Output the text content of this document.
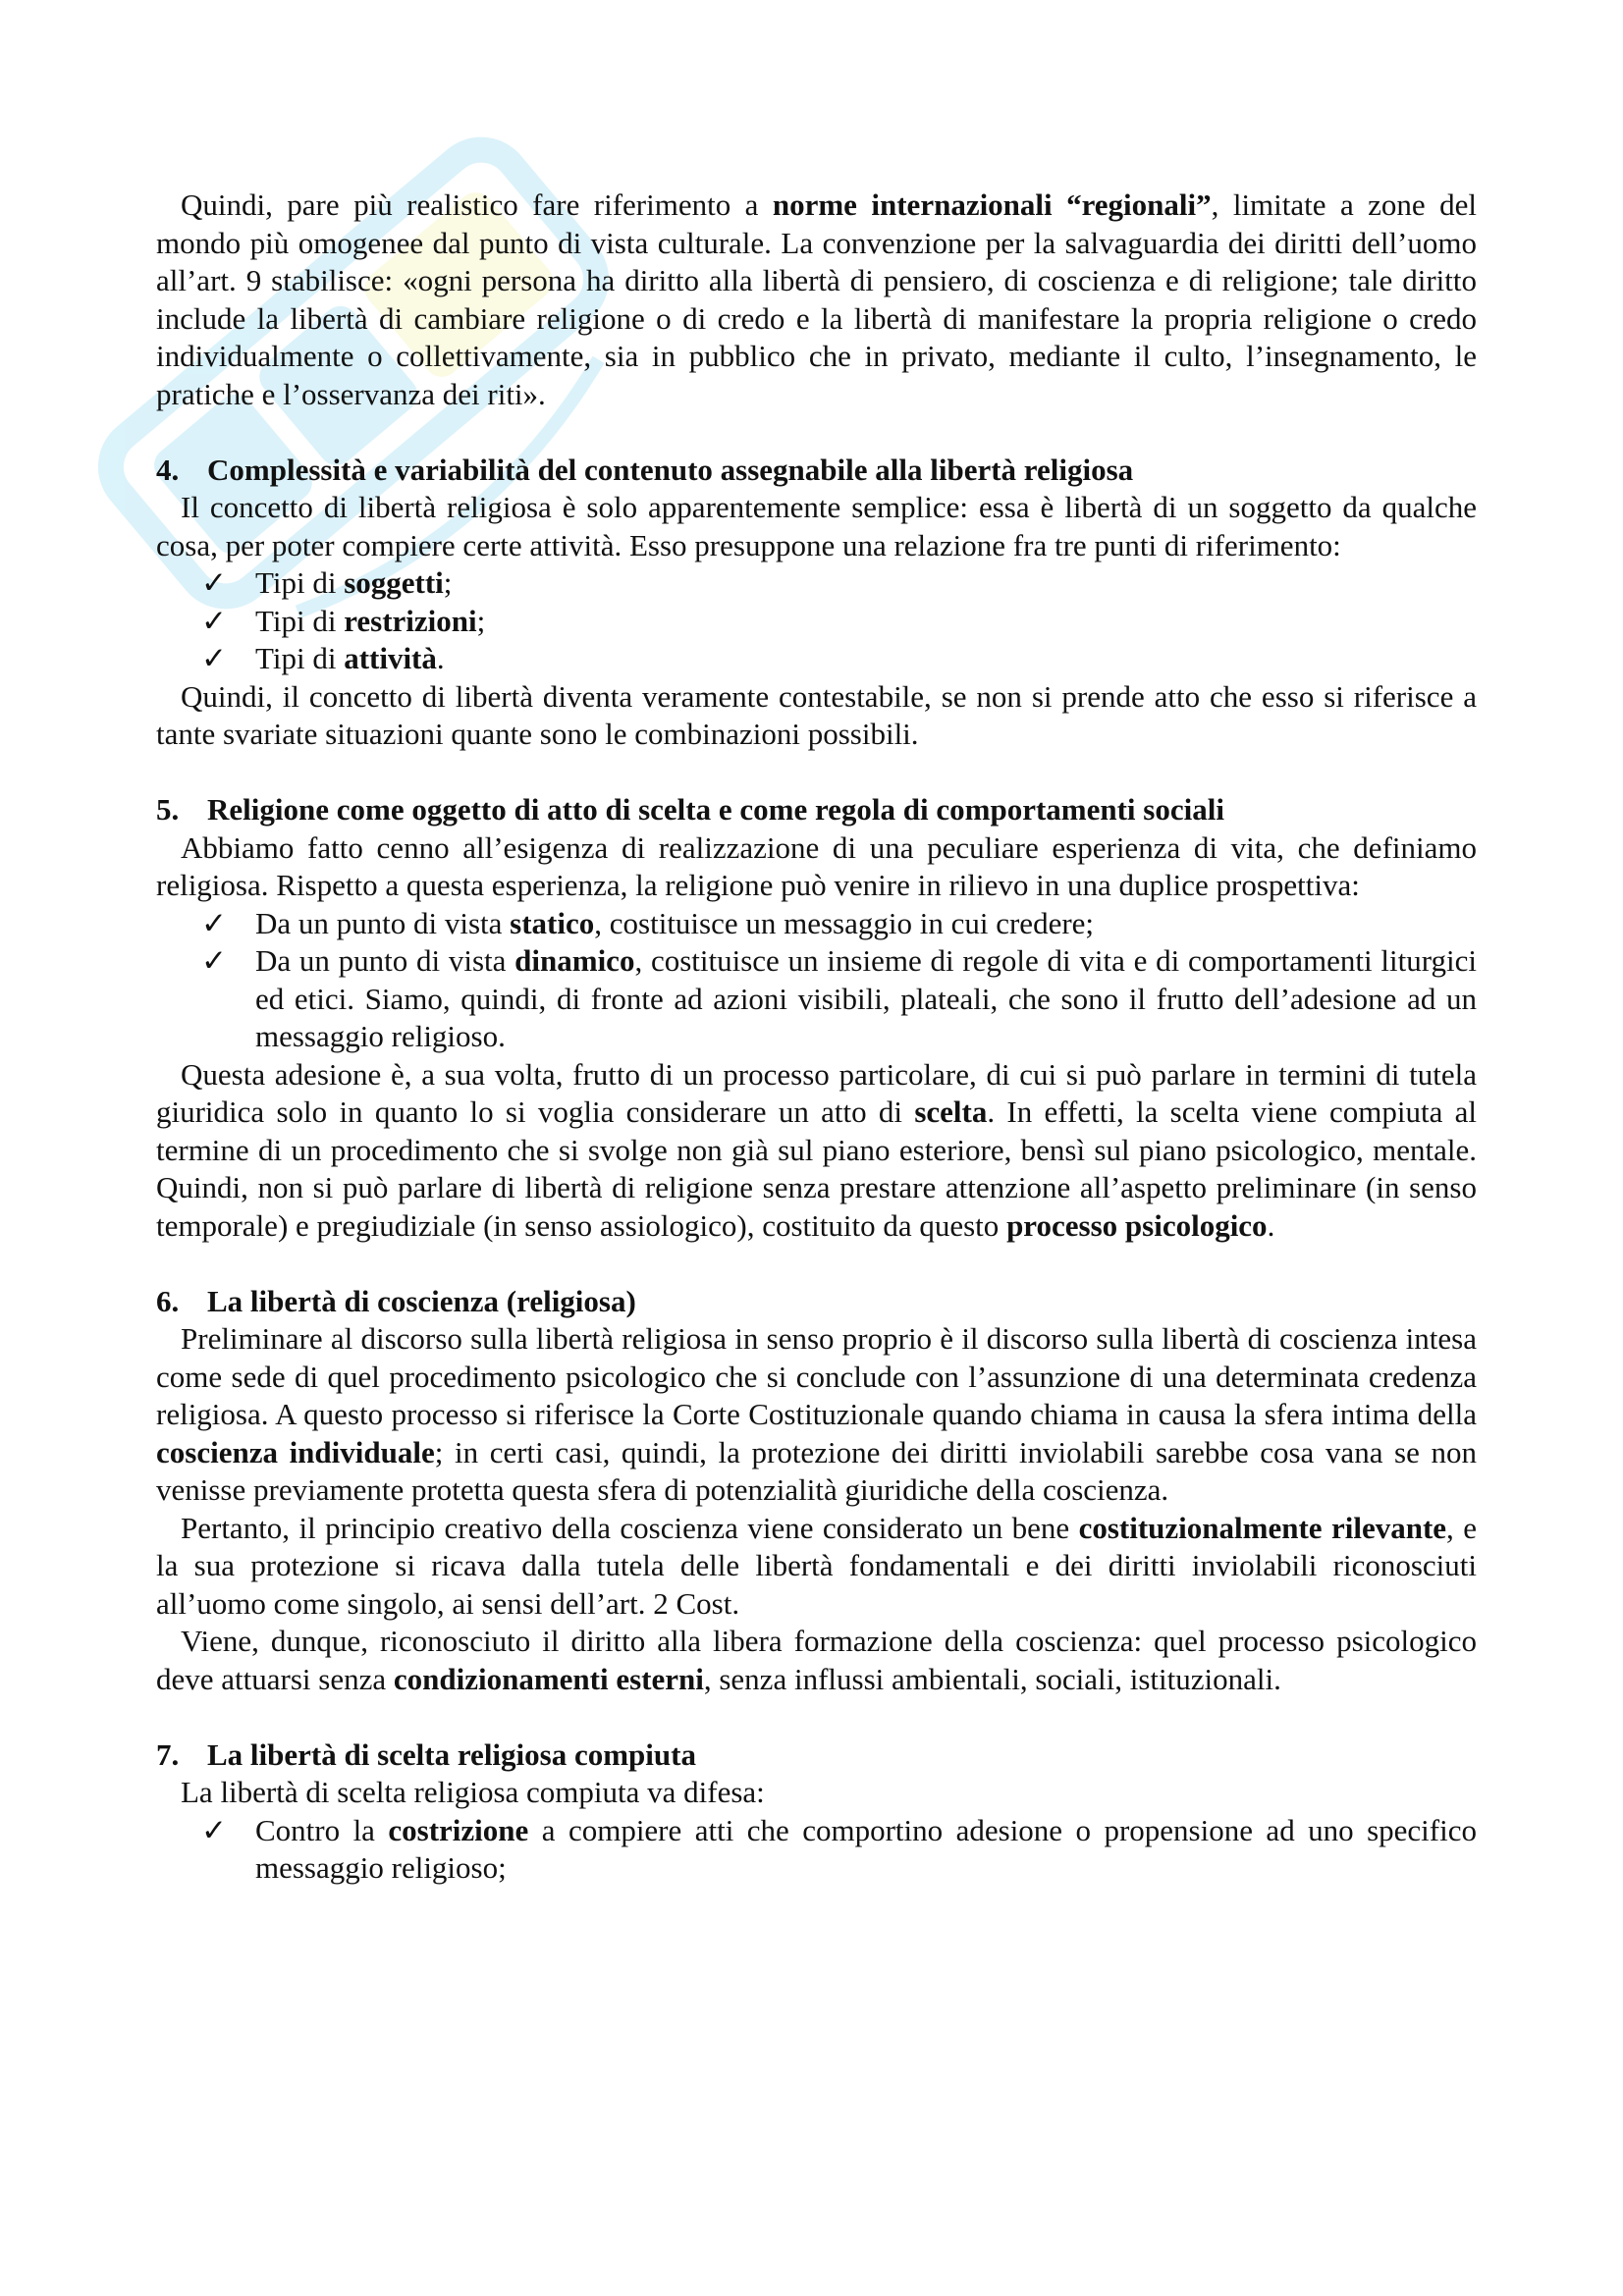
Quindi, pare più realistico fare riferimento a norme internazionali “regionali”, limitate a zone del mondo più omogenee dal punto di vista culturale. La convenzione per la salvaguardia dei diritti dell’uomo all’art. 9 stabilisce: «ogni persona ha diritto alla libertà di pensiero, di coscienza e di religione; tale diritto include la libertà di cambiare religione o di credo e la libertà di manifestare la propria religione o credo individualmente o collettivamente, sia in pubblico che in privato, mediante il culto, l’insegnamento, le pratiche e l’osservanza dei riti».

4. Complessità e variabilità del contenuto assegnabile alla libertà religiosa

Il concetto di libertà religiosa è solo apparentemente semplice: essa è libertà di un soggetto da qualche cosa, per poter compiere certe attività. Esso presuppone una relazione fra tre punti di riferimento:

✓ Tipi di soggetti;
✓ Tipi di restrizioni;
✓ Tipi di attività.

Quindi, il concetto di libertà diventa veramente contestabile, se non si prende atto che esso si riferisce a tante svariate situazioni quante sono le combinazioni possibili.

5. Religione come oggetto di atto di scelta e come regola di comportamenti sociali

Abbiamo fatto cenno all’esigenza di realizzazione di una peculiare esperienza di vita, che definiamo religiosa. Rispetto a questa esperienza, la religione può venire in rilievo in una duplice prospettiva:

✓ Da un punto di vista statico, costituisce un messaggio in cui credere;
✓ Da un punto di vista dinamico, costituisce un insieme di regole di vita e di comportamenti liturgici ed etici. Siamo, quindi, di fronte ad azioni visibili, plateali, che sono il frutto dell’adesione ad un messaggio religioso.

Questa adesione è, a sua volta, frutto di un processo particolare, di cui si può parlare in termini di tutela giuridica solo in quanto lo si voglia considerare un atto di scelta. In effetti, la scelta viene compiuta al termine di un procedimento che si svolge non già sul piano esteriore, bensì sul piano psicologico, mentale. Quindi, non si può parlare di libertà di religione senza prestare attenzione all’aspetto preliminare (in senso temporale) e pregiudiziale (in senso assiologico), costituito da questo processo psicologico.

6. La libertà di coscienza (religiosa)

Preliminare al discorso sulla libertà religiosa in senso proprio è il discorso sulla libertà di coscienza intesa come sede di quel procedimento psicologico che si conclude con l’assunzione di una determinata credenza religiosa. A questo processo si riferisce la Corte Costituzionale quando chiama in causa la sfera intima della coscienza individuale; in certi casi, quindi, la protezione dei diritti inviolabili sarebbe cosa vana se non venisse previamente protetta questa sfera di potenzialità giuridiche della coscienza.

Pertanto, il principio creativo della coscienza viene considerato un bene costituzionalmente rilevante, e la sua protezione si ricava dalla tutela delle libertà fondamentali e dei diritti inviolabili riconosciuti all’uomo come singolo, ai sensi dell’art. 2 Cost.

Viene, dunque, riconosciuto il diritto alla libera formazione della coscienza: quel processo psicologico deve attuarsi senza condizionamenti esterni, senza influssi ambientali, sociali, istituzionali.

7. La libertà di scelta religiosa compiuta

La libertà di scelta religiosa compiuta va difesa:

✓ Contro la costrizione a compiere atti che comportino adesione o propensione ad uno specifico messaggio religioso;
